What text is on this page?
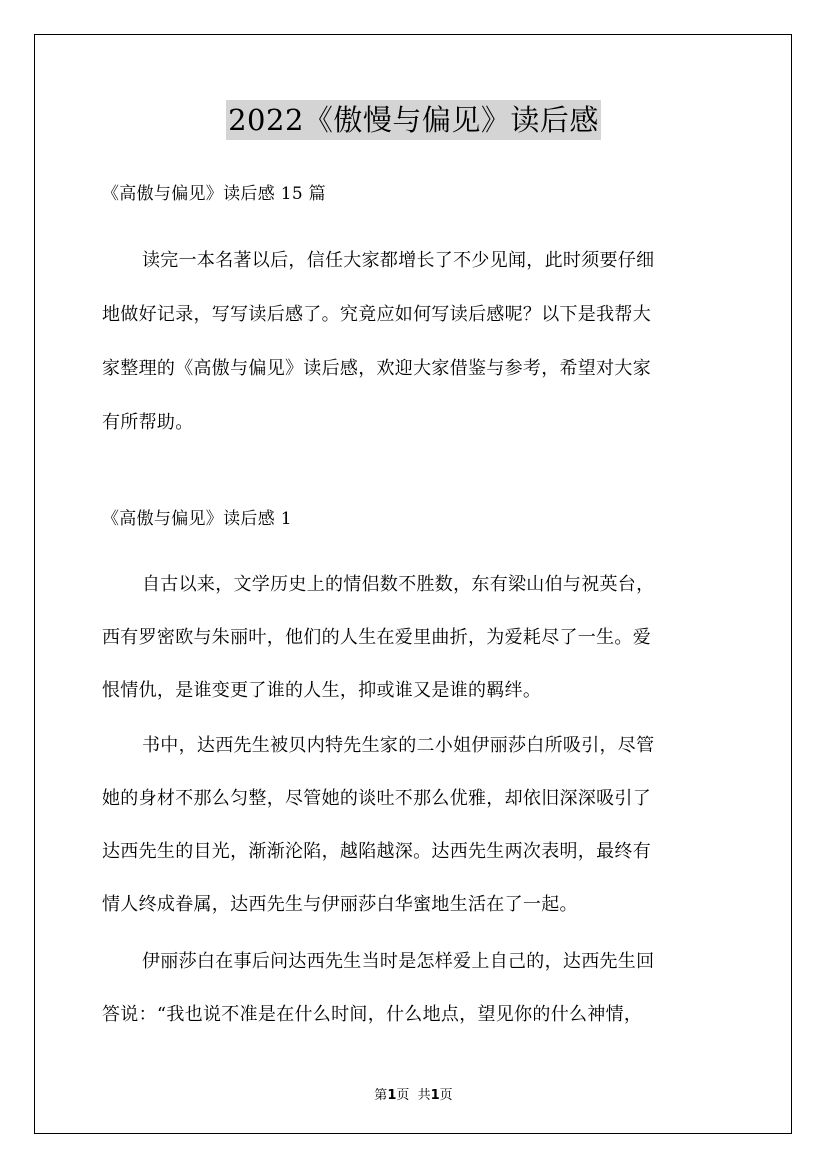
2022《傲慢与偏见》读后感

《高傲与偏见》读后感 15 篇

读完一本名著以后，信任大家都增长了不少见闻，此时须要仔细
地做好记录，写写读后感了。究竟应如何写读后感呢？以下是我帮大
家整理的《高傲与偏见》读后感，欢迎大家借鉴与参考，希望对大家
有所帮助。

《高傲与偏见》读后感 1

自古以来，文学历史上的情侣数不胜数，东有梁山伯与祝英台，
西有罗密欧与朱丽叶，他们的人生在爱里曲折，为爱耗尽了一生。爱
恨情仇，是谁变更了谁的人生，抑或谁又是谁的羁绊。
书中，达西先生被贝内特先生家的二小姐伊丽莎白所吸引，尽管
她的身材不那么匀整，尽管她的谈吐不那么优雅，却依旧深深吸引了
达西先生的目光，渐渐沦陷，越陷越深。达西先生两次表明，最终有
情人终成眷属，达西先生与伊丽莎白华蜜地生活在了一起。
伊丽莎白在事后问达西先生当时是怎样爱上自己的，达西先生回
答说：“我也说不准是在什么时间，什么地点，望见你的什么神情，
第1页  共1页
